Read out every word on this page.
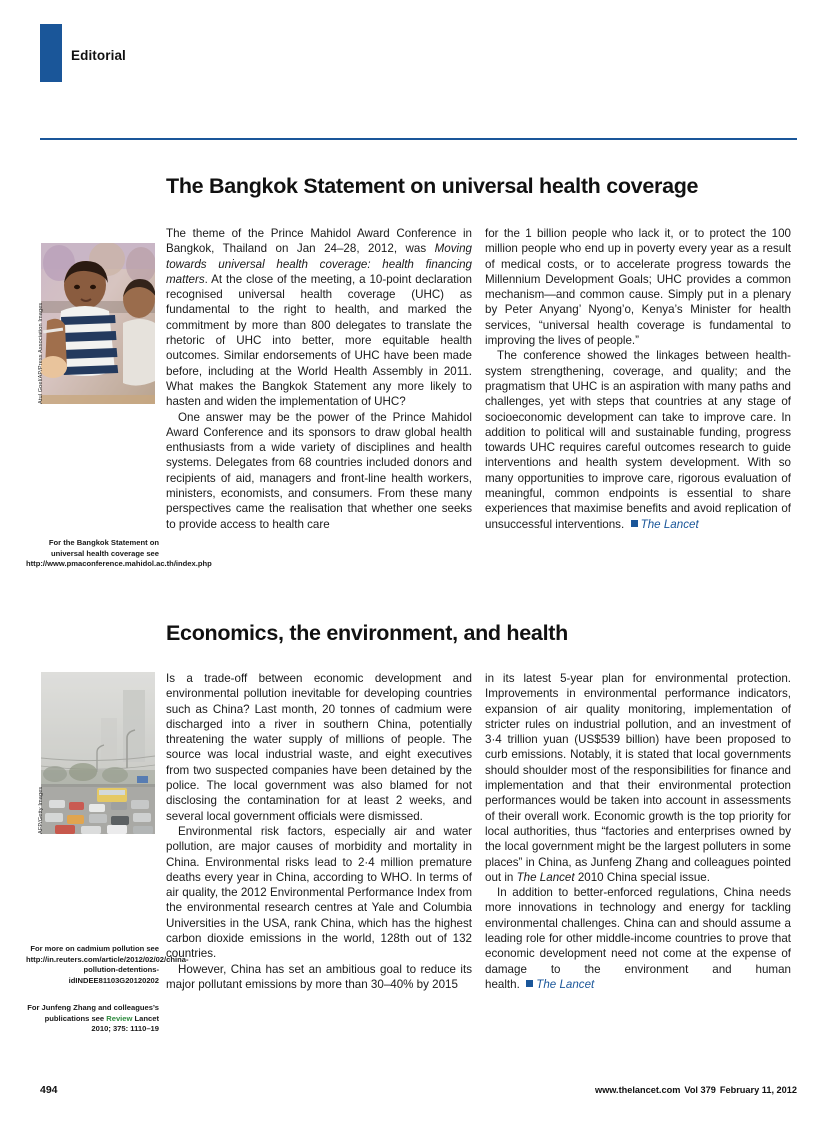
Editorial
The Bangkok Statement on universal health coverage
Atul Goel/AP/Press Association Images

The theme of the Prince Mahidol Award Conference in Bangkok, Thailand on Jan 24–28, 2012, was Moving towards universal health coverage: health financing matters. At the close of the meeting, a 10-point declaration recognised universal health coverage (UHC) as fundamental to the right to health, and marked the commitment by more than 800 delegates to translate the rhetoric of UHC into better, more equitable health outcomes. Similar endorsements of UHC have been made before, including at the World Health Assembly in 2011. What makes the Bangkok Statement any more likely to hasten and widen the implementation of UHC?

One answer may be the power of the Prince Mahidol Award Conference and its sponsors to draw global health enthusiasts from a wide variety of disciplines and health systems. Delegates from 68 countries included donors and recipients of aid, managers and front-line health workers, ministers, economists, and consumers. From these many perspectives came the realisation that whether one seeks to provide access to health care

for the 1 billion people who lack it, or to protect the 100 million people who end up in poverty every year as a result of medical costs, or to accelerate progress towards the Millennium Development Goals; UHC provides a common mechanism—and common cause. Simply put in a plenary by Peter Anyang’ Nyong’o, Kenya’s Minister for health services, “universal health coverage is fundamental to improving the lives of people.”

The conference showed the linkages between health-system strengthening, coverage, and quality; and the pragmatism that UHC is an aspiration with many paths and challenges, yet with steps that countries at any stage of socioeconomic development can take to improve care. In addition to political will and sustainable funding, progress towards UHC requires careful outcomes research to guide interventions and health system development. With so many opportunities to improve care, rigorous evaluation of meaningful, common endpoints is essential to share experiences that maximise benefits and avoid replication of unsuccessful interventions. The Lancet

For the Bangkok Statement on universal health coverage see http://www.pmaconference.mahidol.ac.th/index.php
Economics, the environment, and health
AFP/Getty Images

Is a trade-off between economic development and environmental pollution inevitable for developing countries such as China? Last month, 20 tonnes of cadmium were discharged into a river in southern China, potentially threatening the water supply of millions of people. The source was local industrial waste, and eight executives from two suspected companies have been detained by the police. The local government was also blamed for not disclosing the contamination for at least 2 weeks, and several local government officials were dismissed.

Environmental risk factors, especially air and water pollution, are major causes of morbidity and mortality in China. Environmental risks lead to 2·4 million premature deaths every year in China, according to WHO. In terms of air quality, the 2012 Environmental Performance Index from the environmental research centres at Yale and Columbia Universities in the USA, rank China, which has the highest carbon dioxide emissions in the world, 128th out of 132 countries.

However, China has set an ambitious goal to reduce its major pollutant emissions by more than 30–40% by 2015

in its latest 5-year plan for environmental protection. Improvements in environmental performance indicators, expansion of air quality monitoring, implementation of stricter rules on industrial pollution, and an investment of 3·4 trillion yuan (US$539 billion) have been proposed to curb emissions. Notably, it is stated that local governments should shoulder most of the responsibilities for finance and implementation and that their environmental protection performances would be taken into account in assessments of their overall work. Economic growth is the top priority for local authorities, thus “factories and enterprises owned by the local government might be the largest polluters in some places” in China, as Junfeng Zhang and colleagues pointed out in The Lancet 2010 China special issue.

In addition to better-enforced regulations, China needs more innovations in technology and energy for tackling environmental challenges. China can and should assume a leading role for other middle-income countries to prove that economic development need not come at the expense of damage to the environment and human health. The Lancet

For more on cadmium pollution see http://in.reuters.com/article/2012/02/02/china-pollution-detentions-idINDEE81103G20120202
For Junfeng Zhang and colleagues’s publications see Review Lancet 2010; 375: 1110–19
494	www.thelancet.com Vol 379 February 11, 2012
